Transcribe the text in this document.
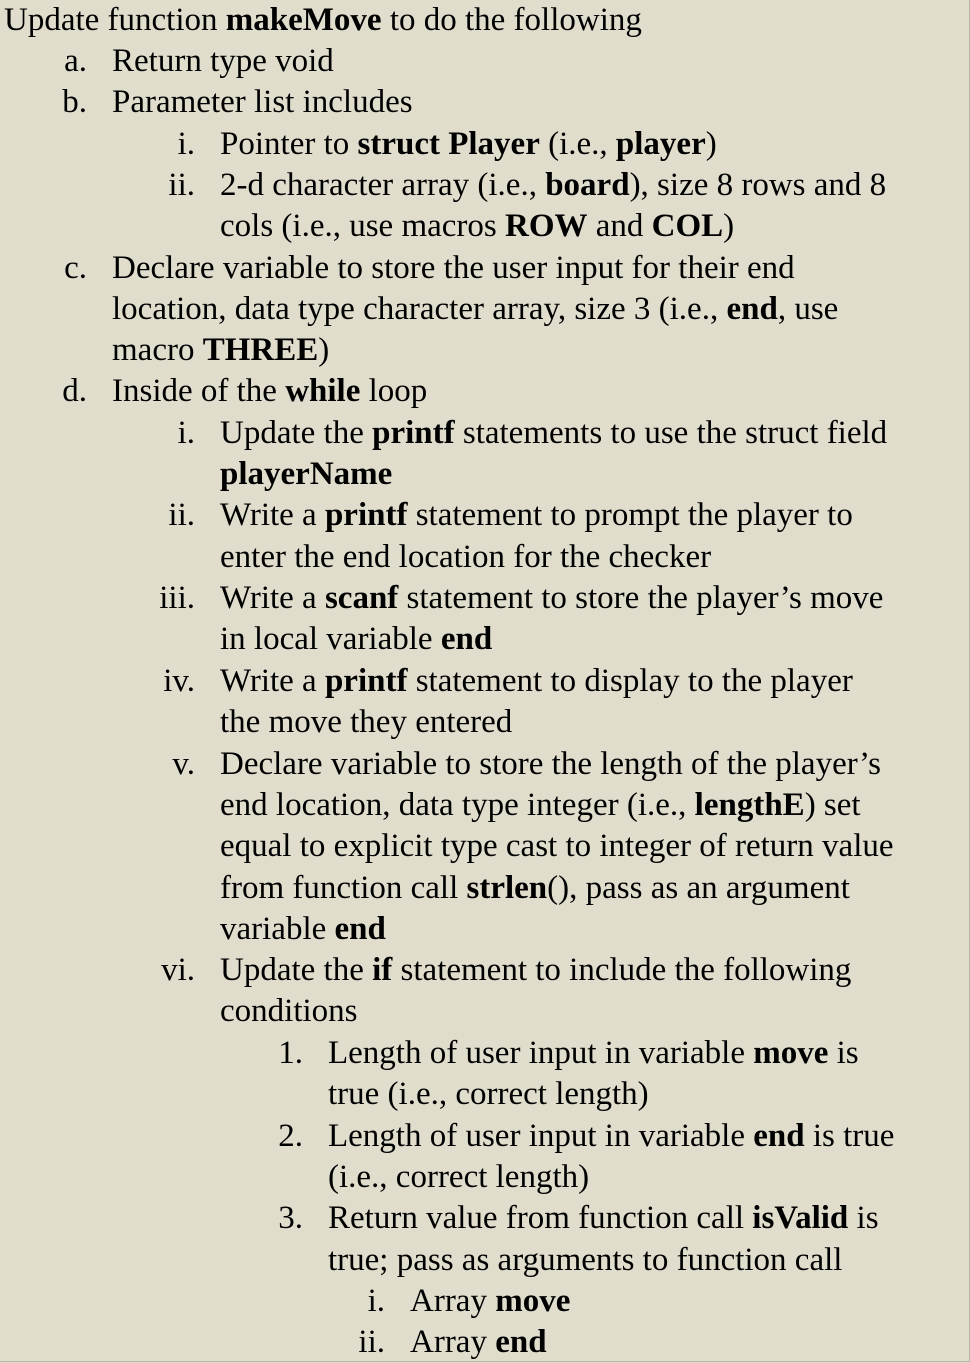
Update function makeMove to do the following
a. Return type void
b. Parameter list includes
i. Pointer to struct Player (i.e., player)
ii. 2-d character array (i.e., board), size 8 rows and 8
cols (i.e., use macros ROW and COL)
c. Declare variable to store the user input for their end
location, data type character array, size 3 (i.e., end, use
macro THREE)
d. Inside of the while loop
i. Update the printf statements to use the struct field
playerName
ii. Write a printf statement to prompt the player to
enter the end location for the checker
iii. Write a scanf statement to store the player’s move
in local variable end
iv. Write a printf statement to display to the player
the move they entered
v. Declare variable to store the length of the player’s
end location, data type integer (i.e., lengthE) set
equal to explicit type cast to integer of return value
from function call strlen(), pass as an argument
variable end
vi. Update the if statement to include the following
conditions
1. Length of user input in variable move is
true (i.e., correct length)
2. Length of user input in variable end is true
(i.e., correct length)
3. Return value from function call isValid is
true; pass as arguments to function call
i. Array move
ii. Array end
